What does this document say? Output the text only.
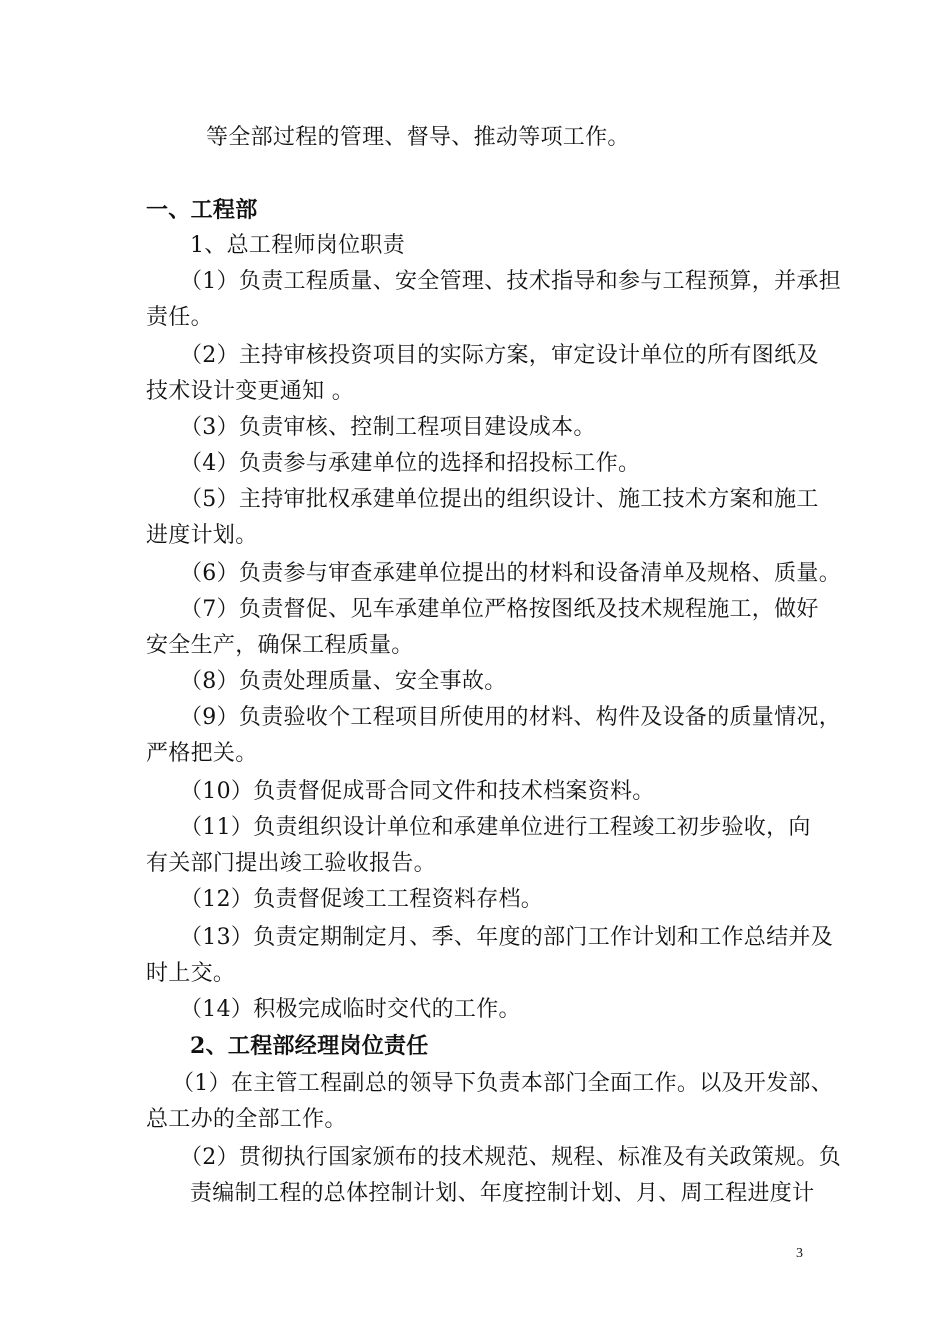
等全部过程的管理、督导、推动等项工作。
一、工程部
1、总工程师岗位职责
（1）负责工程质量、安全管理、技术指导和参与工程预算，并承担
责任。
（2）主持审核投资项目的实际方案，审定设计单位的所有图纸及
技术设计变更通知 。
（3）负责审核、控制工程项目建设成本。
（4）负责参与承建单位的选择和招投标工作。
（5）主持审批权承建单位提出的组织设计、施工技术方案和施工
进度计划。
（6）负责参与审查承建单位提出的材料和设备清单及规格、质量。
（7）负责督促、见车承建单位严格按图纸及技术规程施工，做好
安全生产，确保工程质量。
（8）负责处理质量、安全事故。
（9）负责验收个工程项目所使用的材料、构件及设备的质量情况，
严格把关。
（10）负责督促成哥合同文件和技术档案资料。
（11）负责组织设计单位和承建单位进行工程竣工初步验收，向
有关部门提出竣工验收报告。
（12）负责督促竣工工程资料存档。
（13）负责定期制定月、季、年度的部门工作计划和工作总结并及
时上交。
（14）积极完成临时交代的工作。
2、工程部经理岗位责任
（1）在主管工程副总的领导下负责本部门全面工作。以及开发部、
总工办的全部工作。
（2）贯彻执行国家颁布的技术规范、规程、标准及有关政策规。负
责编制工程的总体控制计划、年度控制计划、月、周工程进度计
3
